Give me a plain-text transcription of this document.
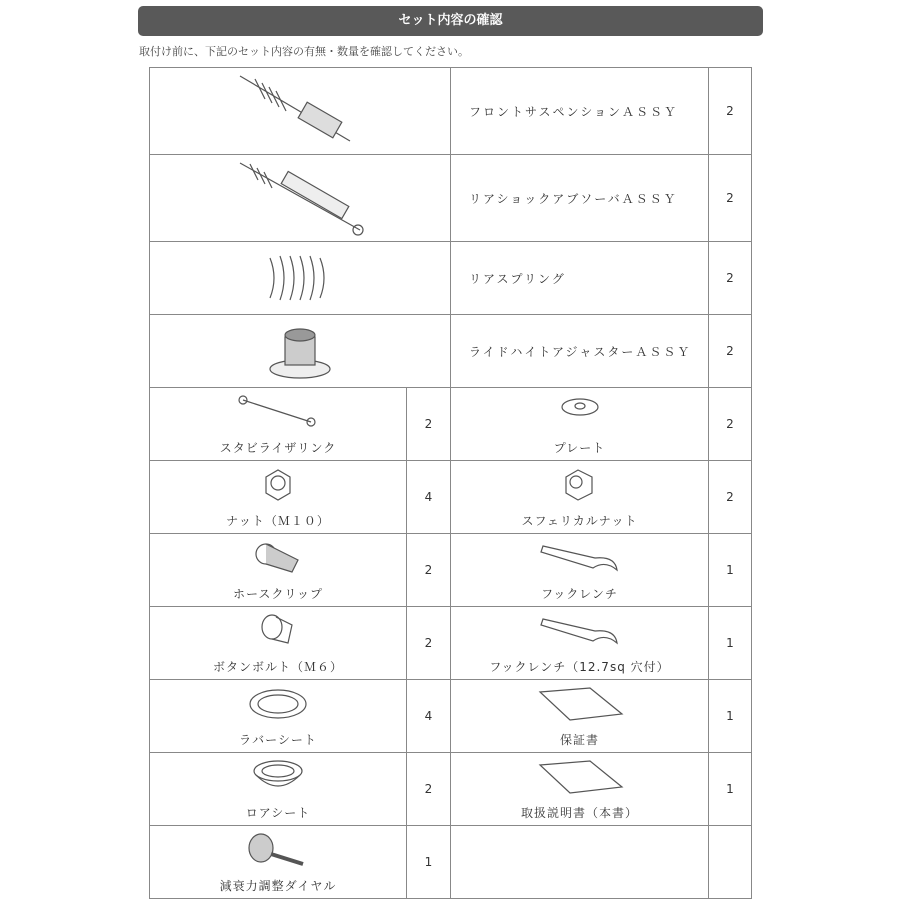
セット内容の確認
取付け前に、下記のセット内容の有無・数量を確認してください。
	フロントサスペンションＡＳＳＹ	2

	リアショックアブソーバＡＳＳＹ	2

	リアスプリング	2

	ライドハイトアジャスターＡＳＳＹ	2

スタビライザリンク	2	プレート	2

ナット（Ｍ１０）	4	スフェリカルナット	2

ホースクリップ	2	フックレンチ	1

ボタンボルト（Ｍ６）	2	フックレンチ（12.7sq 穴付）	1

ラバーシート	4	保証書	1

ロアシート	2	取扱説明書（本書）	1

減衰力調整ダイヤル	1		
